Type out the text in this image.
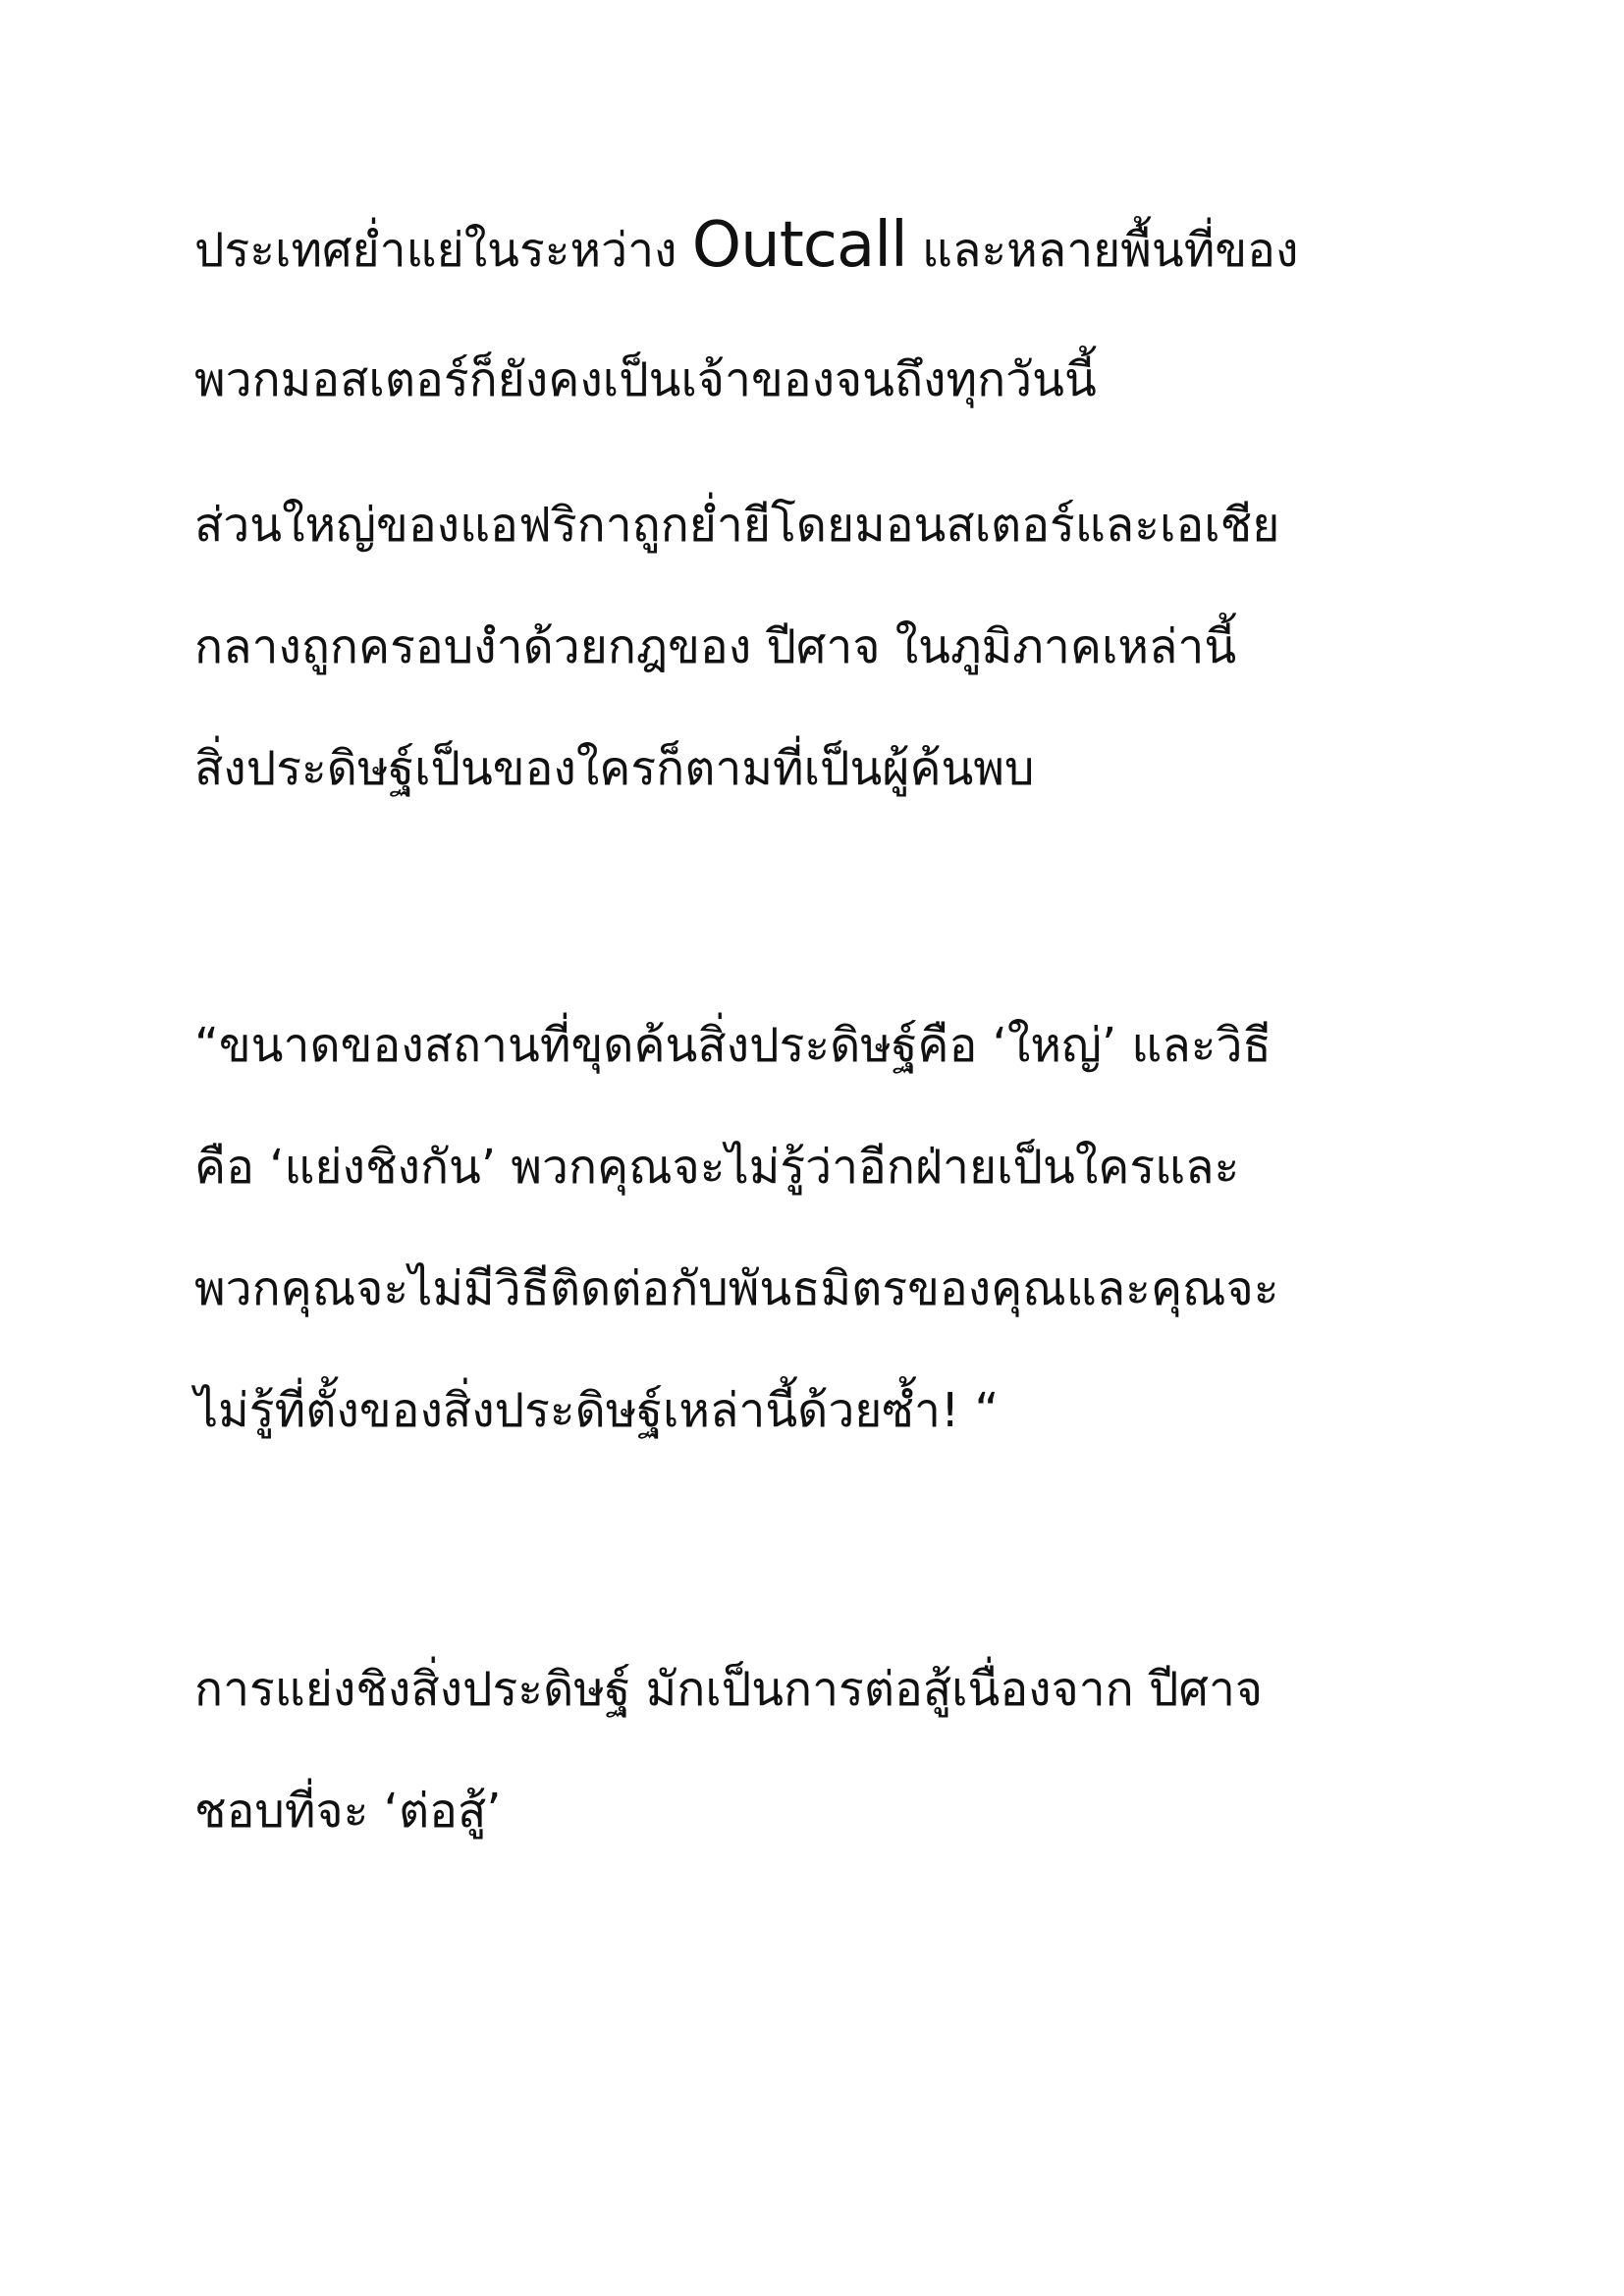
ประเทศย่ำแย่ในระหว่าง Outcall และหลายพื้นที่ของ
พวกมอสเตอร์ก็ยังคงเป็นเจ้าของจนถึงทุกวันนี้
ส่วนใหญ่ของแอฟริกาถูกย่ำยีโดยมอนสเตอร์และเอเชีย
กลางถูกครอบงำด้วยกฎของ ปีศาจ ในภูมิภาคเหล่านี้
สิ่งประดิษฐ์เป็นของใครก็ตามที่เป็นผู้ค้นพบ
“ขนาดของสถานที่ขุดค้นสิ่งประดิษฐ์คือ ‘ใหญ่’ และวิธี
คือ ‘แย่งชิงกัน’ พวกคุณจะไม่รู้ว่าอีกฝ่ายเป็นใครและ
พวกคุณจะไม่มีวิธีติดต่อกับพันธมิตรของคุณและคุณจะ
ไม่รู้ที่ตั้งของสิ่งประดิษฐ์เหล่านี้ด้วยซ้ำ! “
การแย่งชิงสิ่งประดิษฐ์ มักเป็นการต่อสู้เนื่องจาก ปีศาจ
ชอบที่จะ ‘ต่อสู้’
